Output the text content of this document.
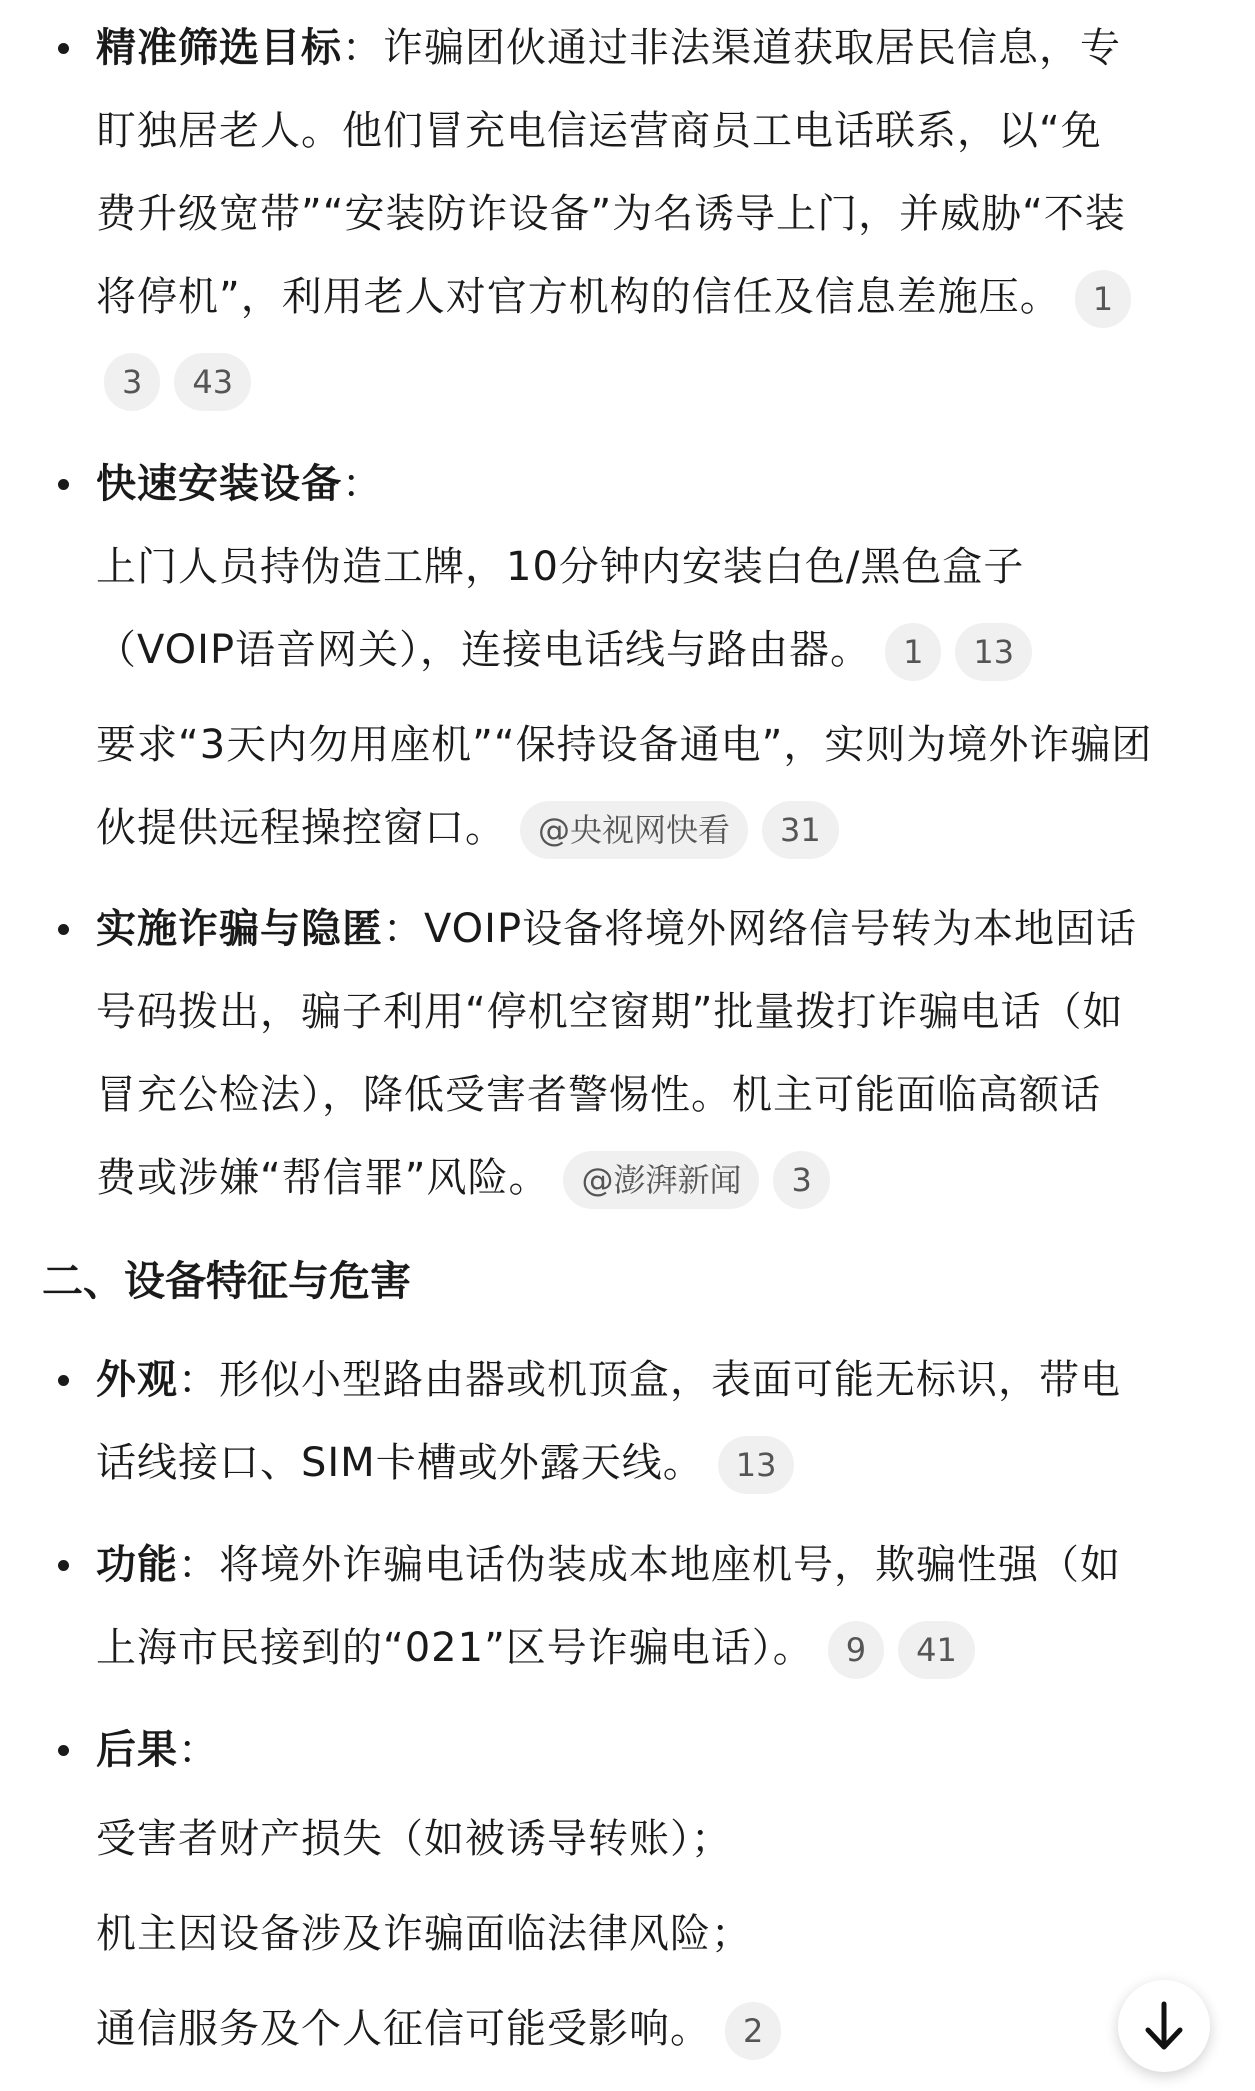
精准筛选目标：诈骗团伙通过非法渠道获取居民信息，专
盯独居老人。他们冒充电信运营商员工电话联系，以“免
费升级宽带”“安装防诈设备”为名诱导上门，并威胁“不装
将停机”，利用老人对官方机构的信任及信息差施压。 1
3 43
快速安装设备：
上门人员持伪造工牌，10分钟内安装白色/黑色盒子
（VOIP语音网关），连接电话线与路由器。 1 13
要求“3天内勿用座机”“保持设备通电”，实则为境外诈骗团
伙提供远程操控窗口。 @央视网快看 31
实施诈骗与隐匿：VOIP设备将境外网络信号转为本地固话
号码拨出，骗子利用“停机空窗期”批量拨打诈骗电话（如
冒充公检法），降低受害者警惕性。机主可能面临高额话
费或涉嫌“帮信罪”风险。 @澎湃新闻 3
二、设备特征与危害
外观：形似小型路由器或机顶盒，表面可能无标识，带电
话线接口、SIM卡槽或外露天线。 13
功能：将境外诈骗电话伪装成本地座机号，欺骗性强（如
上海市民接到的“021”区号诈骗电话）。 9 41
后果：
受害者财产损失（如被诱导转账）；
机主因设备涉及诈骗面临法律风险；
通信服务及个人征信可能受影响。 2
